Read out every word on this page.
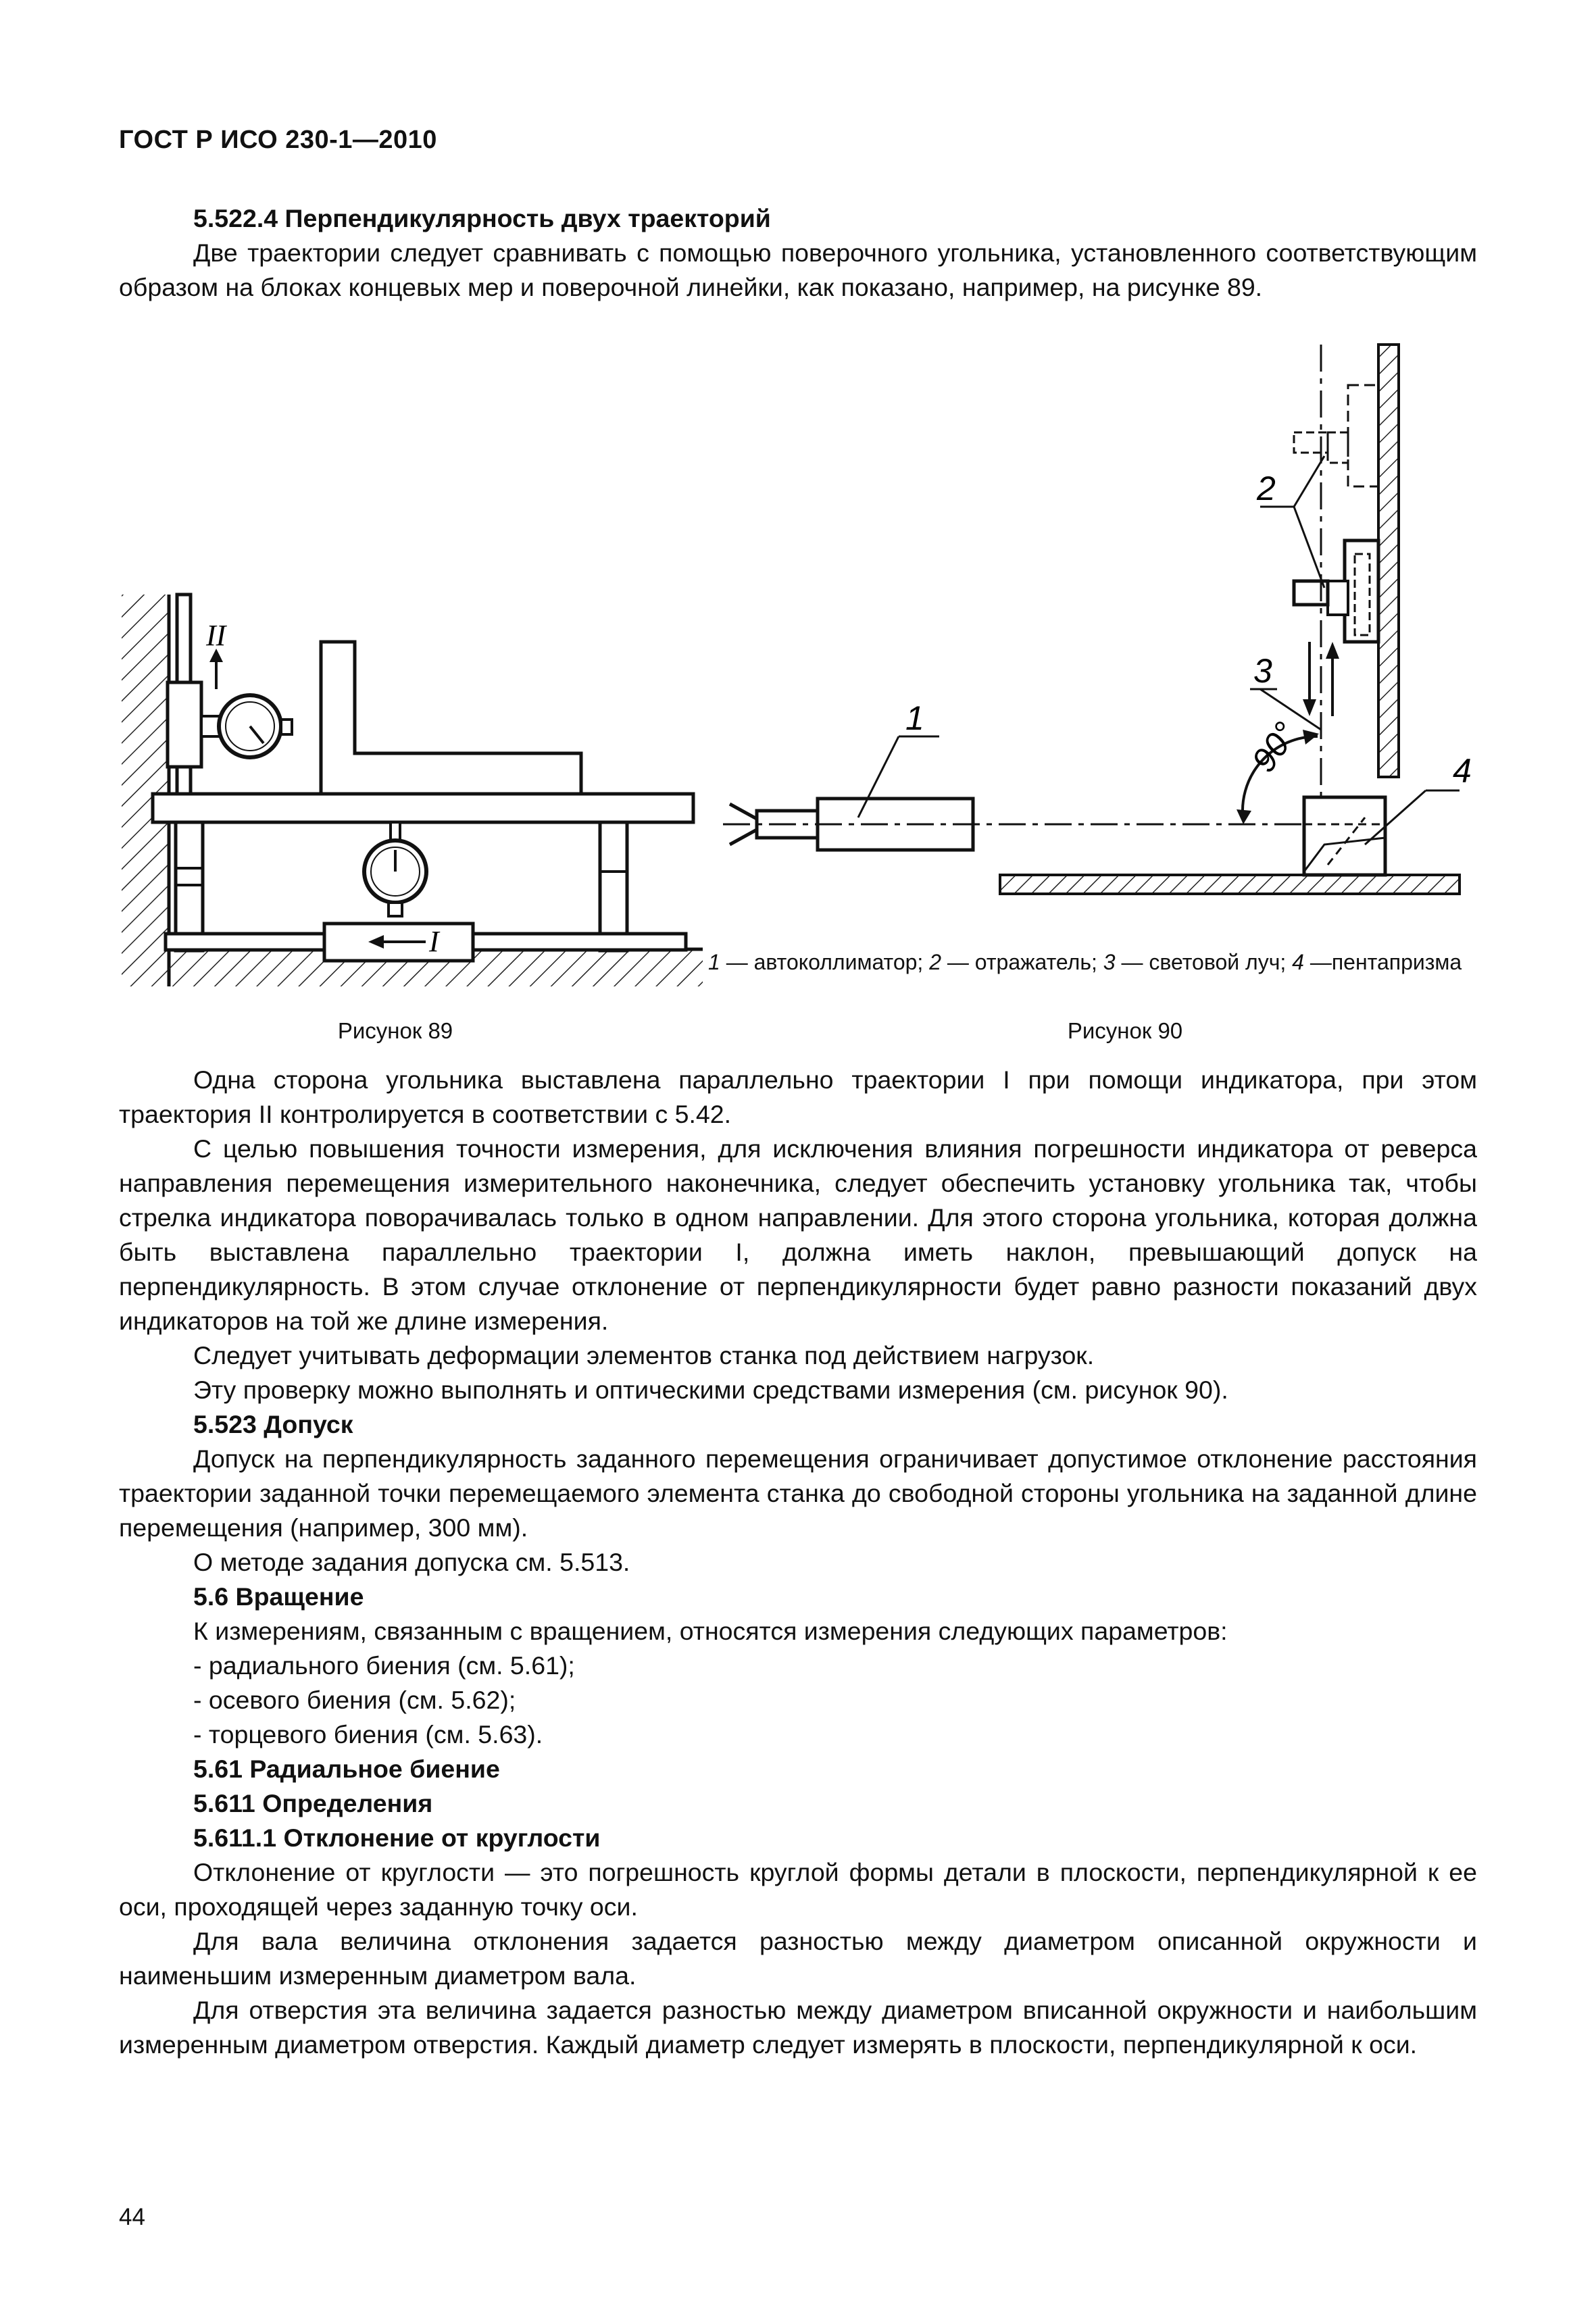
ГОСТ Р ИСО 230-1—2010

5.522.4 Перпендикулярность двух траекторий

Две траектории следует сравнивать с помощью поверочного угольника, установленного соответствующим образом на блоках концевых мер и поверочной линейки, как показано, например, на рисунке 89.

II
I
Рисунок 89
90°
1
2
3
4
1 — автоколлиматор; 2 — отражатель; 3 — световой луч; 4 —пентапризма
Рисунок 90

Одна сторона угольника выставлена параллельно траектории I при помощи индикатора, при этом траектория II контролируется в соответствии с 5.42.

С целью повышения точности измерения, для исключения влияния погрешности индикатора от реверса направления перемещения измерительного наконечника, следует обеспечить установку угольника так, чтобы стрелка индикатора поворачивалась только в одном направлении. Для этого сторона угольника, которая должна быть выставлена параллельно траектории I, должна иметь наклон, превышающий допуск на перпендикулярность. В этом случае отклонение от перпендикулярности будет равно разности показаний двух индикаторов на той же длине измерения.

Следует учитывать деформации элементов станка под действием нагрузок.

Эту проверку можно выполнять и оптическими средствами измерения (см. рисунок 90).

5.523 Допуск

Допуск на перпендикулярность заданного перемещения ограничивает допустимое отклонение расстояния траектории заданной точки перемещаемого элемента станка до свободной стороны угольника на заданной длине перемещения (например, 300 мм).

О методе задания допуска см. 5.513.

5.6 Вращение

К измерениям, связанным с вращением, относятся измерения следующих параметров:

- радиального биения (см. 5.61);

- осевого биения (см. 5.62);

- торцевого биения (см. 5.63).

5.61 Радиальное биение

5.611 Определения

5.611.1 Отклонение от круглости

Отклонение от круглости — это погрешность круглой формы детали в плоскости, перпендикулярной к ее оси, проходящей через заданную точку оси.

Для вала величина отклонения задается разностью между диаметром описанной окружности и наименьшим измеренным диаметром вала.

Для отверстия эта величина задается разностью между диаметром вписанной окружности и наибольшим измеренным диаметром отверстия. Каждый диаметр следует измерять в плоскости, перпендикулярной к оси.

44
